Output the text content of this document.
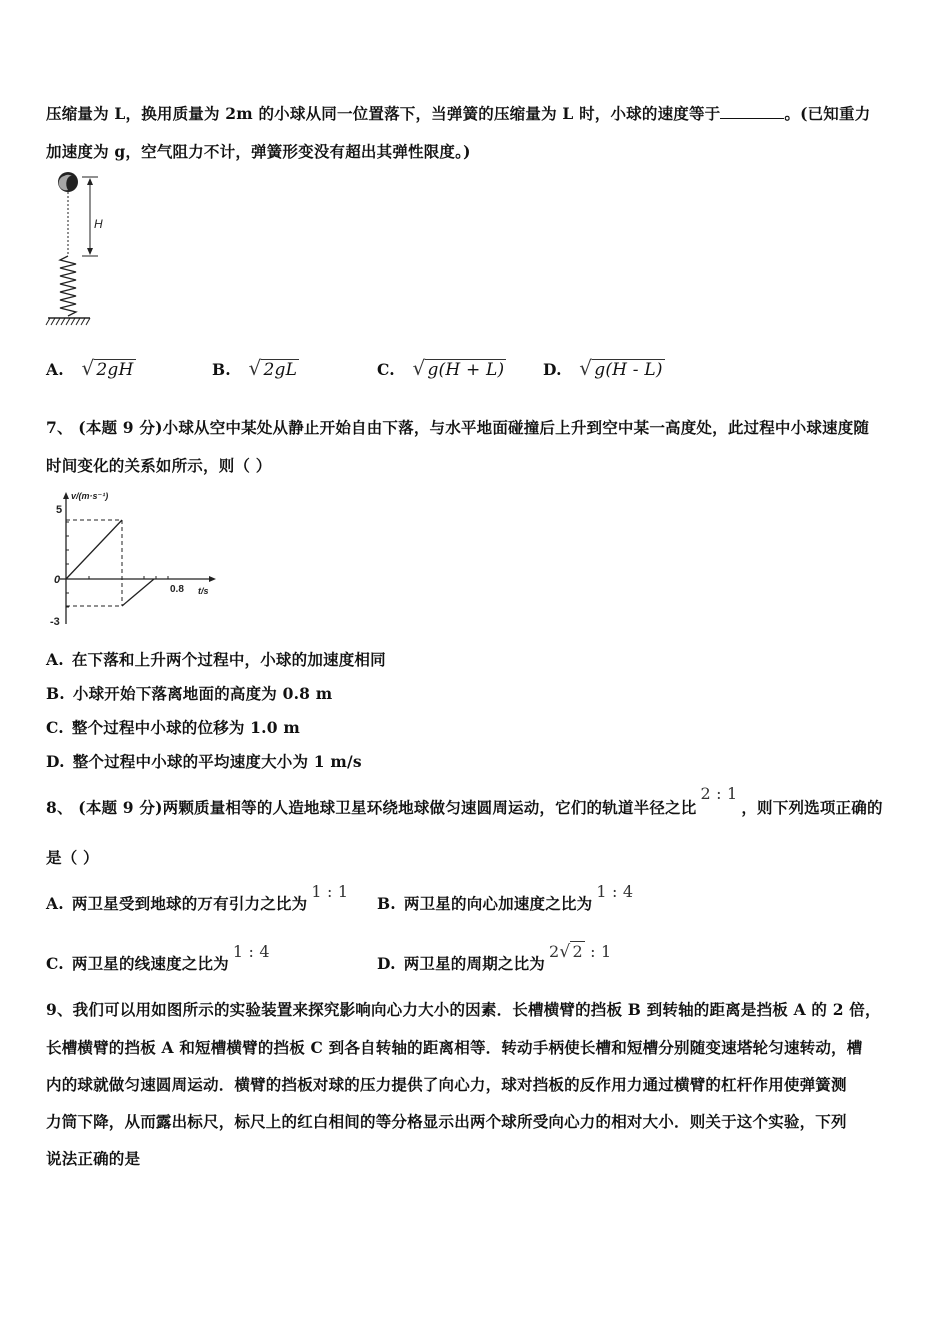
压缩量为 L，换用质量为 2m 的小球从同一位置落下，当弹簧的压缩量为 L 时，小球的速度等于	。(已知重力
加速度为 g，空气阻力不计，弹簧形变没有超出其弹性限度。)
H
A. √ 2gH	B. √ 2gL	C. √ g(H + L) D. √ g(H - L)
7、 (本题 9 分)小球从空中某处从静止开始自由下落，与水平地面碰撞后上升到空中某一高度处，此过程中小球速度随
时间变化的关系如所示，则（ ）
v/(m·s⁻¹)
t/s
5
0
-3
0.8
A. 在下落和上升两个过程中，小球的加速度相同
B. 小球开始下落离地面的高度为 0.8 m
C. 整个过程中小球的位移为 1.0 m
D. 整个过程中小球的平均速度大小为 1 m/s
8、 (本题 9 分)两颗质量相等的人造地球卫星环绕地球做匀速圆周运动，它们的轨道半径之比2 : 1，则下列选项正确的
是（ ）
A. 两卫星受到地球的万有引力之比为1 : 1
B. 两卫星的向心加速度之比为1 : 4
C. 两卫星的线速度之比为1 : 4
D. 两卫星的周期之比为2√ 2 : 1
9、我们可以用如图所示的实验装置来探究影响向心力大小的因素．长槽横臂的挡板 B 到转轴的距离是挡板 A 的 2 倍，
长槽横臂的挡板 A 和短槽横臂的挡板 C 到各自转轴的距离相等．转动手柄使长槽和短槽分别随变速塔轮匀速转动，槽
内的球就做匀速圆周运动．横臂的挡板对球的压力提供了向心力，球对挡板的反作用力通过横臂的杠杆作用使弹簧测
力筒下降，从而露出标尺，标尺上的红白相间的等分格显示出两个球所受向心力的相对大小．则关于这个实验，下列
说法正确的是
